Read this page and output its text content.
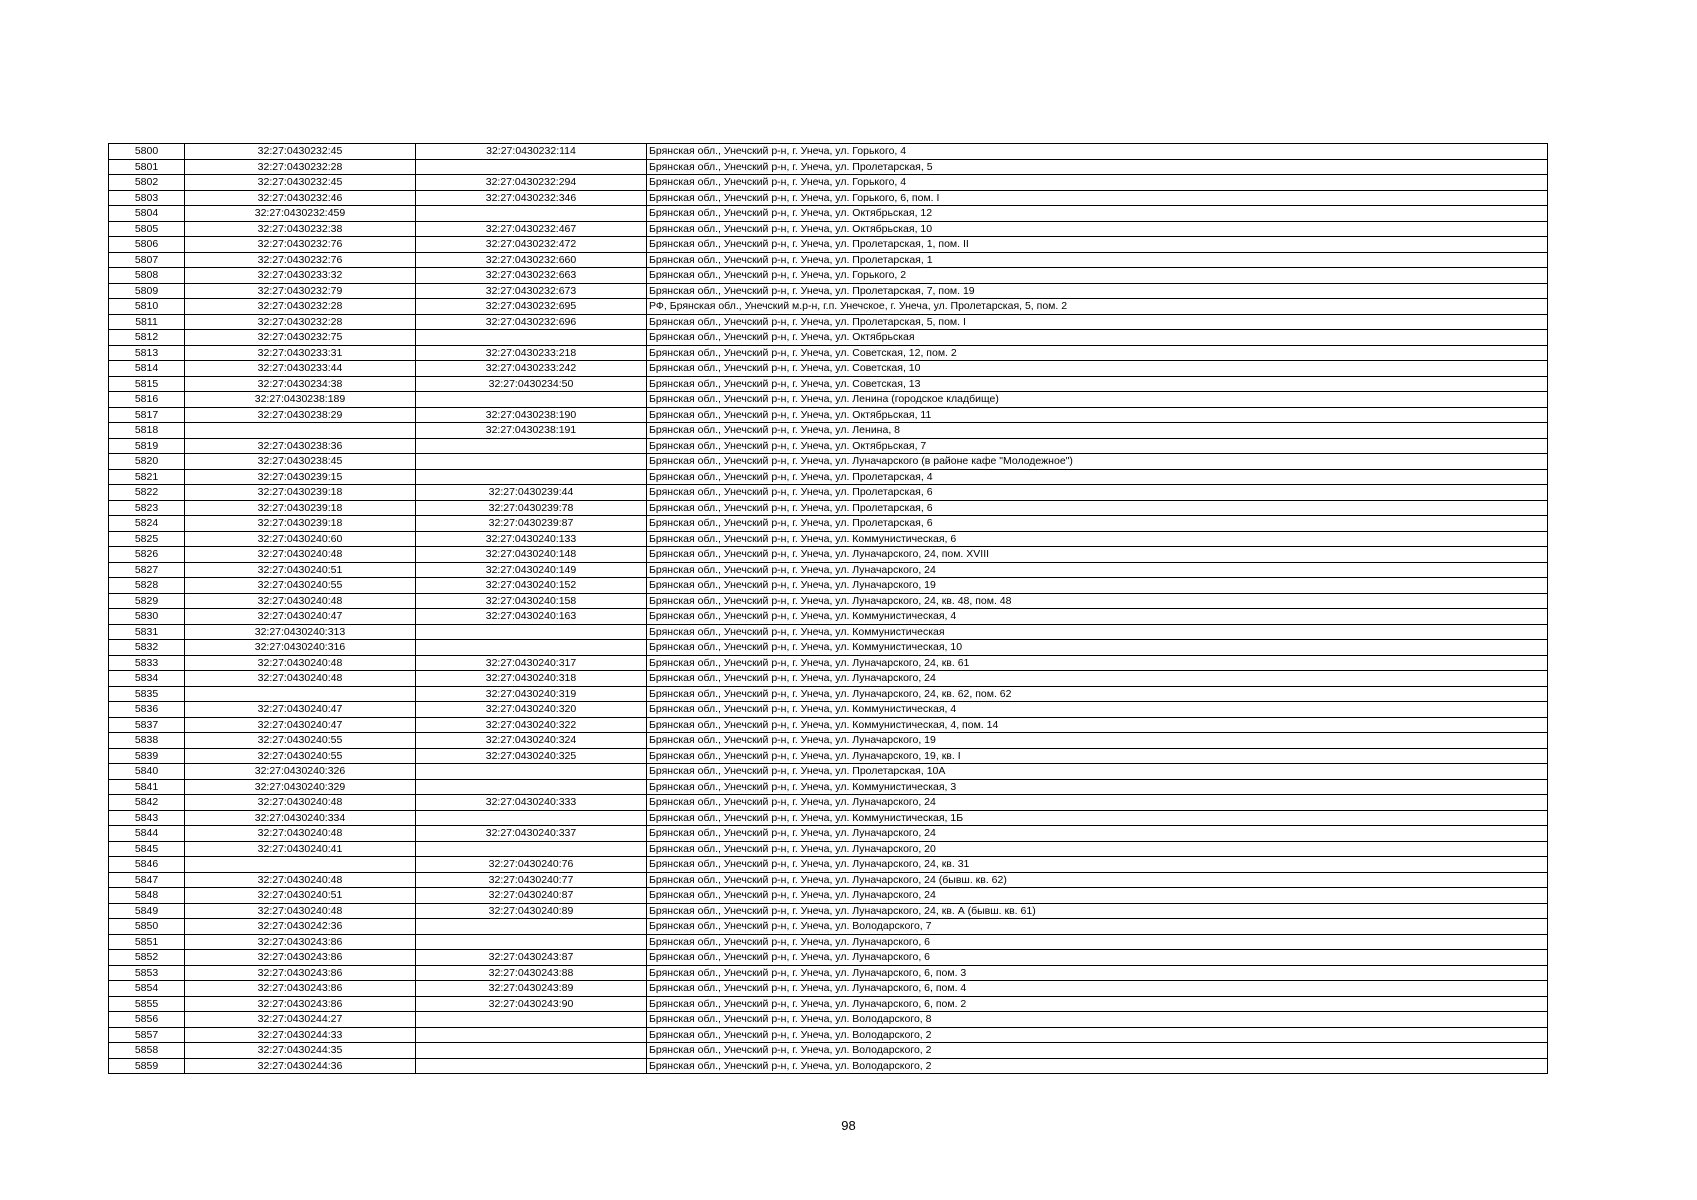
5800	32:27:0430232:45	32:27:0430232:114	Брянская обл., Унечский р-н, г. Унеча, ул. Горького, 4
5801	32:27:0430232:28		Брянская обл., Унечский р-н, г. Унеча, ул. Пролетарская, 5
5802	32:27:0430232:45	32:27:0430232:294	Брянская обл., Унечский р-н, г. Унеча, ул. Горького, 4
5803	32:27:0430232:46	32:27:0430232:346	Брянская обл., Унечский р-н, г. Унеча, ул. Горького, 6, пом. I
5804	32:27:0430232:459		Брянская обл., Унечский р-н, г. Унеча, ул. Октябрьская, 12
5805	32:27:0430232:38	32:27:0430232:467	Брянская обл., Унечский р-н, г. Унеча, ул. Октябрьская, 10
5806	32:27:0430232:76	32:27:0430232:472	Брянская обл., Унечский р-н, г. Унеча, ул. Пролетарская, 1, пом. II
5807	32:27:0430232:76	32:27:0430232:660	Брянская обл., Унечский р-н, г. Унеча, ул. Пролетарская, 1
5808	32:27:0430233:32	32:27:0430232:663	Брянская обл., Унечский р-н, г. Унеча, ул. Горького, 2
5809	32:27:0430232:79	32:27:0430232:673	Брянская обл., Унечский р-н, г. Унеча, ул. Пролетарская, 7, пом. 19
5810	32:27:0430232:28	32:27:0430232:695	РФ, Брянская обл., Унечский м.р-н, г.п. Унечское, г. Унеча, ул. Пролетарская, 5, пом. 2
5811	32:27:0430232:28	32:27:0430232:696	Брянская обл., Унечский р-н, г. Унеча, ул. Пролетарская, 5, пом. I
5812	32:27:0430232:75		Брянская обл., Унечский р-н, г. Унеча, ул. Октябрьская
5813	32:27:0430233:31	32:27:0430233:218	Брянская обл., Унечский р-н, г. Унеча, ул. Советская, 12, пом. 2
5814	32:27:0430233:44	32:27:0430233:242	Брянская обл., Унечский р-н, г. Унеча, ул. Советская, 10
5815	32:27:0430234:38	32:27:0430234:50	Брянская обл., Унечский р-н, г. Унеча, ул. Советская, 13
5816	32:27:0430238:189		Брянская обл., Унечский р-н, г. Унеча, ул. Ленина (городское кладбище)
5817	32:27:0430238:29	32:27:0430238:190	Брянская обл., Унечский р-н, г. Унеча, ул. Октябрьская, 11
5818		32:27:0430238:191	Брянская обл., Унечский р-н, г. Унеча, ул. Ленина, 8
5819	32:27:0430238:36		Брянская обл., Унечский р-н, г. Унеча, ул. Октябрьская, 7
5820	32:27:0430238:45		Брянская обл., Унечский р-н, г. Унеча, ул. Луначарского (в районе кафе "Молодежное")
5821	32:27:0430239:15		Брянская обл., Унечский р-н, г. Унеча, ул. Пролетарская, 4
5822	32:27:0430239:18	32:27:0430239:44	Брянская обл., Унечский р-н, г. Унеча, ул. Пролетарская, 6
5823	32:27:0430239:18	32:27:0430239:78	Брянская обл., Унечский р-н, г. Унеча, ул. Пролетарская, 6
5824	32:27:0430239:18	32:27:0430239:87	Брянская обл., Унечский р-н, г. Унеча, ул. Пролетарская, 6
5825	32:27:0430240:60	32:27:0430240:133	Брянская обл., Унечский р-н, г. Унеча, ул. Коммунистическая, 6
5826	32:27:0430240:48	32:27:0430240:148	Брянская обл., Унечский р-н, г. Унеча, ул. Луначарского, 24, пом. XVIII
5827	32:27:0430240:51	32:27:0430240:149	Брянская обл., Унечский р-н, г. Унеча, ул. Луначарского, 24
5828	32:27:0430240:55	32:27:0430240:152	Брянская обл., Унечский р-н, г. Унеча, ул. Луначарского, 19
5829	32:27:0430240:48	32:27:0430240:158	Брянская обл., Унечский р-н, г. Унеча, ул. Луначарского, 24, кв. 48, пом. 48
5830	32:27:0430240:47	32:27:0430240:163	Брянская обл., Унечский р-н, г. Унеча, ул. Коммунистическая, 4
5831	32:27:0430240:313		Брянская обл., Унечский р-н, г. Унеча, ул. Коммунистическая
5832	32:27:0430240:316		Брянская обл., Унечский р-н, г. Унеча, ул. Коммунистическая, 10
5833	32:27:0430240:48	32:27:0430240:317	Брянская обл., Унечский р-н, г. Унеча, ул. Луначарского, 24, кв. 61
5834	32:27:0430240:48	32:27:0430240:318	Брянская обл., Унечский р-н, г. Унеча, ул. Луначарского, 24
5835		32:27:0430240:319	Брянская обл., Унечский р-н, г. Унеча, ул. Луначарского, 24, кв. 62, пом. 62
5836	32:27:0430240:47	32:27:0430240:320	Брянская обл., Унечский р-н, г. Унеча, ул. Коммунистическая, 4
5837	32:27:0430240:47	32:27:0430240:322	Брянская обл., Унечский р-н, г. Унеча, ул. Коммунистическая, 4, пом. 14
5838	32:27:0430240:55	32:27:0430240:324	Брянская обл., Унечский р-н, г. Унеча, ул. Луначарского, 19
5839	32:27:0430240:55	32:27:0430240:325	Брянская обл., Унечский р-н, г. Унеча, ул. Луначарского, 19, кв. I
5840	32:27:0430240:326		Брянская обл., Унечский р-н, г. Унеча, ул. Пролетарская, 10А
5841	32:27:0430240:329		Брянская обл., Унечский р-н, г. Унеча, ул. Коммунистическая, 3
5842	32:27:0430240:48	32:27:0430240:333	Брянская обл., Унечский р-н, г. Унеча, ул. Луначарского, 24
5843	32:27:0430240:334		Брянская обл., Унечский р-н, г. Унеча, ул. Коммунистическая, 1Б
5844	32:27:0430240:48	32:27:0430240:337	Брянская обл., Унечский р-н, г. Унеча, ул. Луначарского, 24
5845	32:27:0430240:41		Брянская обл., Унечский р-н, г. Унеча, ул. Луначарского, 20
5846		32:27:0430240:76	Брянская обл., Унечский р-н, г. Унеча, ул. Луначарского, 24, кв. 31
5847	32:27:0430240:48	32:27:0430240:77	Брянская обл., Унечский р-н, г. Унеча, ул. Луначарского, 24 (бывш. кв. 62)
5848	32:27:0430240:51	32:27:0430240:87	Брянская обл., Унечский р-н, г. Унеча, ул. Луначарского, 24
5849	32:27:0430240:48	32:27:0430240:89	Брянская обл., Унечский р-н, г. Унеча, ул. Луначарского, 24, кв. А (бывш. кв. 61)
5850	32:27:0430242:36		Брянская обл., Унечский р-н, г. Унеча, ул. Володарского, 7
5851	32:27:0430243:86		Брянская обл., Унечский р-н, г. Унеча, ул. Луначарского, 6
5852	32:27:0430243:86	32:27:0430243:87	Брянская обл., Унечский р-н, г. Унеча, ул. Луначарского, 6
5853	32:27:0430243:86	32:27:0430243:88	Брянская обл., Унечский р-н, г. Унеча, ул. Луначарского, 6, пом. 3
5854	32:27:0430243:86	32:27:0430243:89	Брянская обл., Унечский р-н, г. Унеча, ул. Луначарского, 6, пом. 4
5855	32:27:0430243:86	32:27:0430243:90	Брянская обл., Унечский р-н, г. Унеча, ул. Луначарского, 6, пом. 2
5856	32:27:0430244:27		Брянская обл., Унечский р-н, г. Унеча, ул. Володарского, 8
5857	32:27:0430244:33		Брянская обл., Унечский р-н, г. Унеча, ул. Володарского, 2
5858	32:27:0430244:35		Брянская обл., Унечский р-н, г. Унеча, ул. Володарского, 2
5859	32:27:0430244:36		Брянская обл., Унечский р-н, г. Унеча, ул. Володарского, 2
98
